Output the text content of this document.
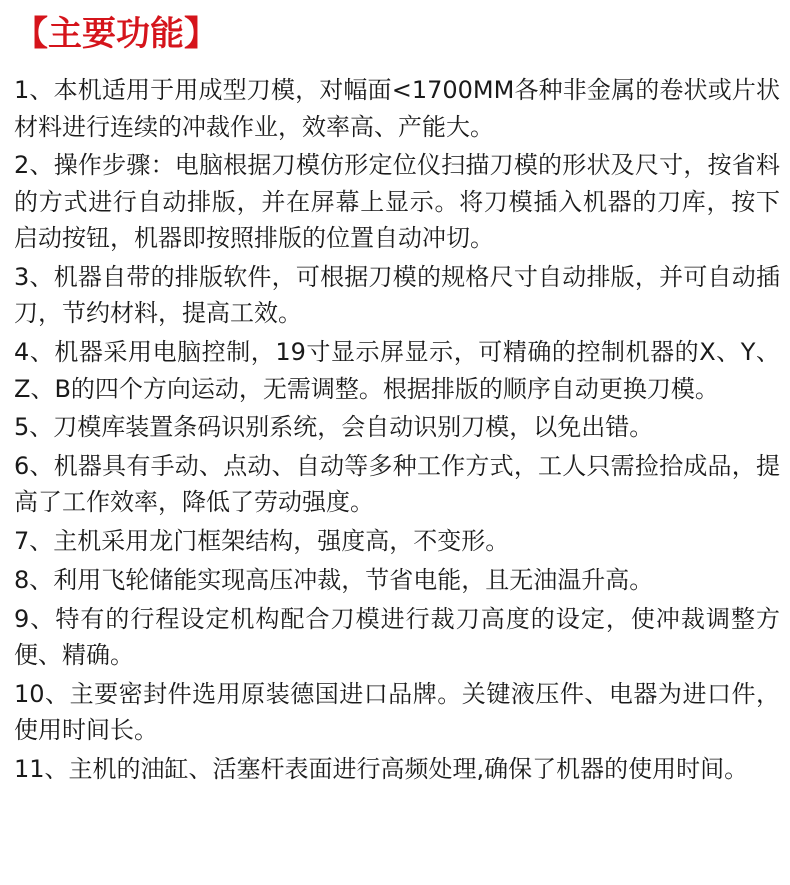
【主要功能】
1、本机适用于用成型刀模，对幅面<1700MM各种非金属的卷状或片状材料进行连续的冲裁作业，效率高、产能大。
2、操作步骤：电脑根据刀模仿形定位仪扫描刀模的形状及尺寸，按省料的方式进行自动排版，并在屏幕上显示。将刀模插入机器的刀库，按下启动按钮，机器即按照排版的位置自动冲切。
3、机器自带的排版软件，可根据刀模的规格尺寸自动排版，并可自动插刀，节约材料，提高工效。
4、机器采用电脑控制，19寸显示屏显示，可精确的控制机器的X、Y、Z、B的四个方向运动，无需调整。根据排版的顺序自动更换刀模。
5、刀模库装置条码识别系统，会自动识别刀模，以免出错。
6、机器具有手动、点动、自动等多种工作方式，工人只需捡拾成品，提高了工作效率，降低了劳动强度。
7、主机采用龙门框架结构，强度高，不变形。
8、利用飞轮储能实现高压冲裁，节省电能，且无油温升高。
9、特有的行程设定机构配合刀模进行裁刀高度的设定，使冲裁调整方便、精确。
10、主要密封件选用原装德国进口品牌。关键液压件、电器为进口件，使用时间长。
11、主机的油缸、活塞杆表面进行高频处理,确保了机器的使用时间。
